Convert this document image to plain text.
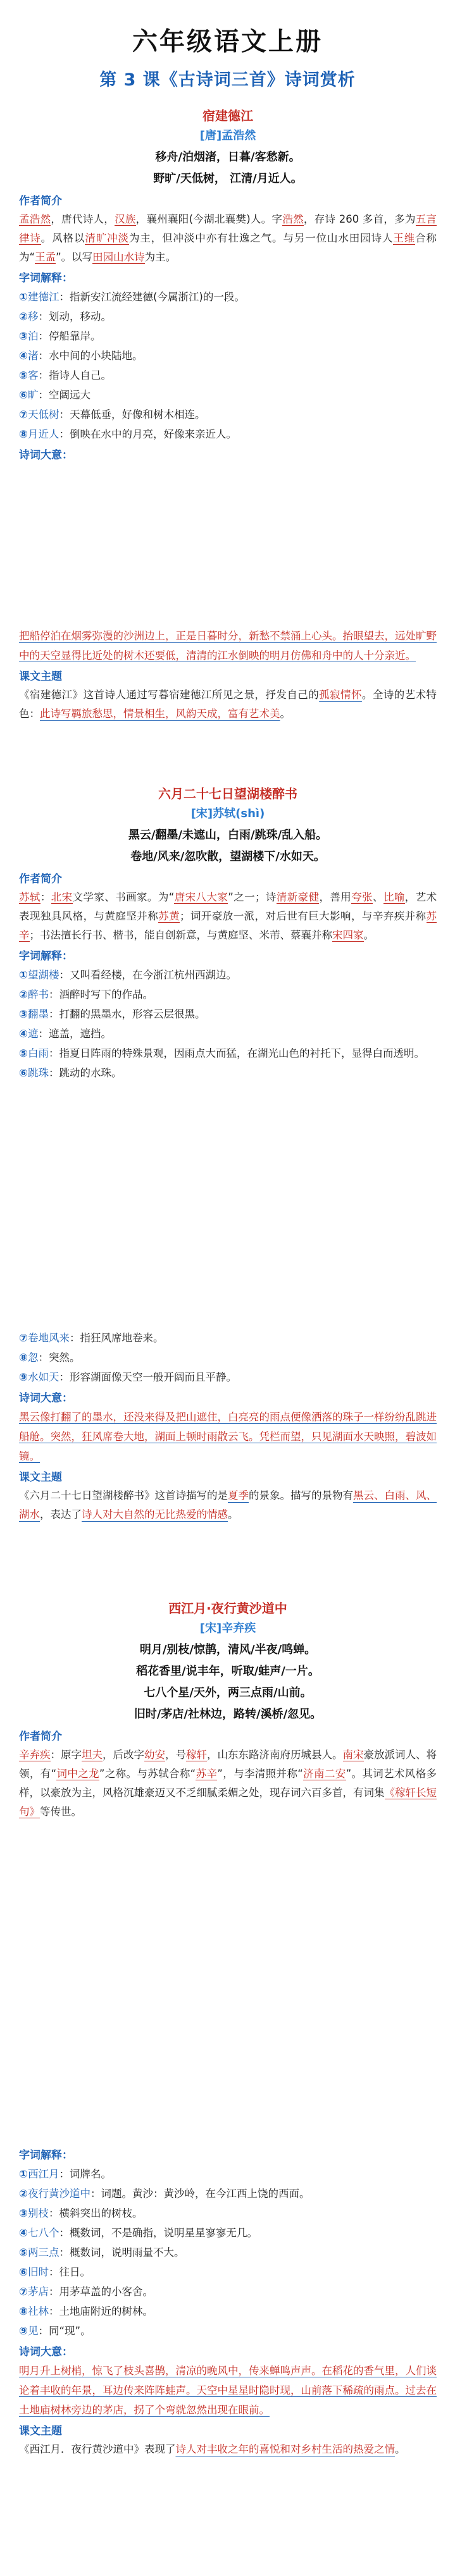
六年级语文上册
第 3 课《古诗词三首》诗词赏析
宿建德江
[唐]孟浩然
移舟/泊烟渚，日暮/客愁新。
野旷/天低树， 江清/月近人。
作者简介
孟浩然，唐代诗人，汉族，襄州襄阳(今湖北襄樊)人。字浩然，存诗 260 多首，多为五言律诗。风格以清旷冲淡为主，但冲淡中亦有壮逸之气。与另一位山水田园诗人王维合称为“王孟”。以写田园山水诗为主。
字词解释：
①建德江：指新安江流经建德(今属浙江)的一段。
②移：划动，移动。
③泊：停船靠岸。
④渚：水中间的小块陆地。
⑤客：指诗人自己。
⑥旷：空阔远大
⑦天低树：天幕低垂，好像和树木相连。
⑧月近人：倒映在水中的月亮，好像来亲近人。
诗词大意：
把船停泊在烟雾弥漫的沙洲边上，正是日暮时分，新愁不禁涌上心头。抬眼望去，远处旷野中的天空显得比近处的树木还要低，清清的江水倒映的明月仿佛和舟中的人十分亲近。
课文主题
《宿建德江》这首诗人通过写暮宿建德江所见之景，抒发自己的孤寂情怀。全诗的艺术特色：此诗写羁旅愁思，情景相生，风韵天成，富有艺术美。
六月二十七日望湖楼醉书
[宋]苏轼(shì)
黑云/翻墨/未遮山，白雨/跳珠/乱入船。
卷地/风来/忽吹散，望湖楼下/水如天。
作者简介
苏轼：北宋文学家、书画家。为“唐宋八大家”之一；诗清新豪健，善用夸张、比喻，艺术表现独具风格，与黄庭坚并称苏黄；词开豪放一派，对后世有巨大影响，与辛弃疾并称苏辛；书法擅长行书、楷书，能自创新意，与黄庭坚、米芾、蔡襄并称宋四家。
字词解释：
①望湖楼：又叫看经楼，在今浙江杭州西湖边。
②醉书：酒醉时写下的作品。
③翻墨：打翻的黑墨水，形容云层很黑。
④遮：遮盖，遮挡。
⑤白雨：指夏日阵雨的特殊景观，因雨点大而猛，在湖光山色的衬托下，显得白而透明。
⑥跳珠：跳动的水珠。
⑦卷地风来：指狂风席地卷来。
⑧忽：突然。
⑨水如天：形容湖面像天空一般开阔而且平静。
诗词大意：
黑云像打翻了的墨水，还没来得及把山遮住，白亮亮的雨点便像洒落的珠子一样纷纷乱跳进船舱。突然，狂风席卷大地，湖面上顿时雨散云飞。凭栏而望，只见湖面水天映照，碧波如镜。
课文主题
《六月二十七日望湖楼醉书》这首诗描写的是夏季的景象。描写的景物有黑云、白雨、风、湖水，表达了诗人对大自然的无比热爱的情感。
西江月·夜行黄沙道中
[宋]辛弃疾
明月/别枝/惊鹊，清风/半夜/鸣蝉。
稻花香里/说丰年，听取/蛙声/一片。
七八个星/天外，两三点雨/山前。
旧时/茅店/社林边，路转/溪桥/忽见。
作者简介
辛弃疾：原字坦夫，后改字幼安，号稼轩，山东东路济南府历城县人。南宋豪放派词人、将领，有“词中之龙”之称。与苏轼合称“苏辛”，与李清照并称“济南二安”。其词艺术风格多样，以豪放为主，风格沉雄豪迈又不乏细腻柔媚之处，现存词六百多首，有词集《稼轩长短句》等传世。
字词解释：
①西江月：词牌名。
②夜行黄沙道中：词题。黄沙：黄沙岭，在今江西上饶的西面。
③别枝：横斜突出的树枝。
④七八个：概数词，不是确指，说明星星寥寥无几。
⑤两三点：概数词，说明雨量不大。
⑥旧时：往日。
⑦茅店：用茅草盖的小客舍。
⑧社林：土地庙附近的树林。
⑨见：同“现”。
诗词大意：
明月升上树梢，惊飞了枝头喜鹊，清凉的晚风中，传来蝉鸣声声。在稻花的香气里，人们谈论着丰收的年景，耳边传来阵阵蛙声。天空中星星时隐时现，山前落下稀疏的雨点。过去在土地庙树林旁边的茅店，拐了个弯就忽然出现在眼前。
课文主题
《西江月．夜行黄沙道中》表现了诗人对丰收之年的喜悦和对乡村生活的热爱之情。
